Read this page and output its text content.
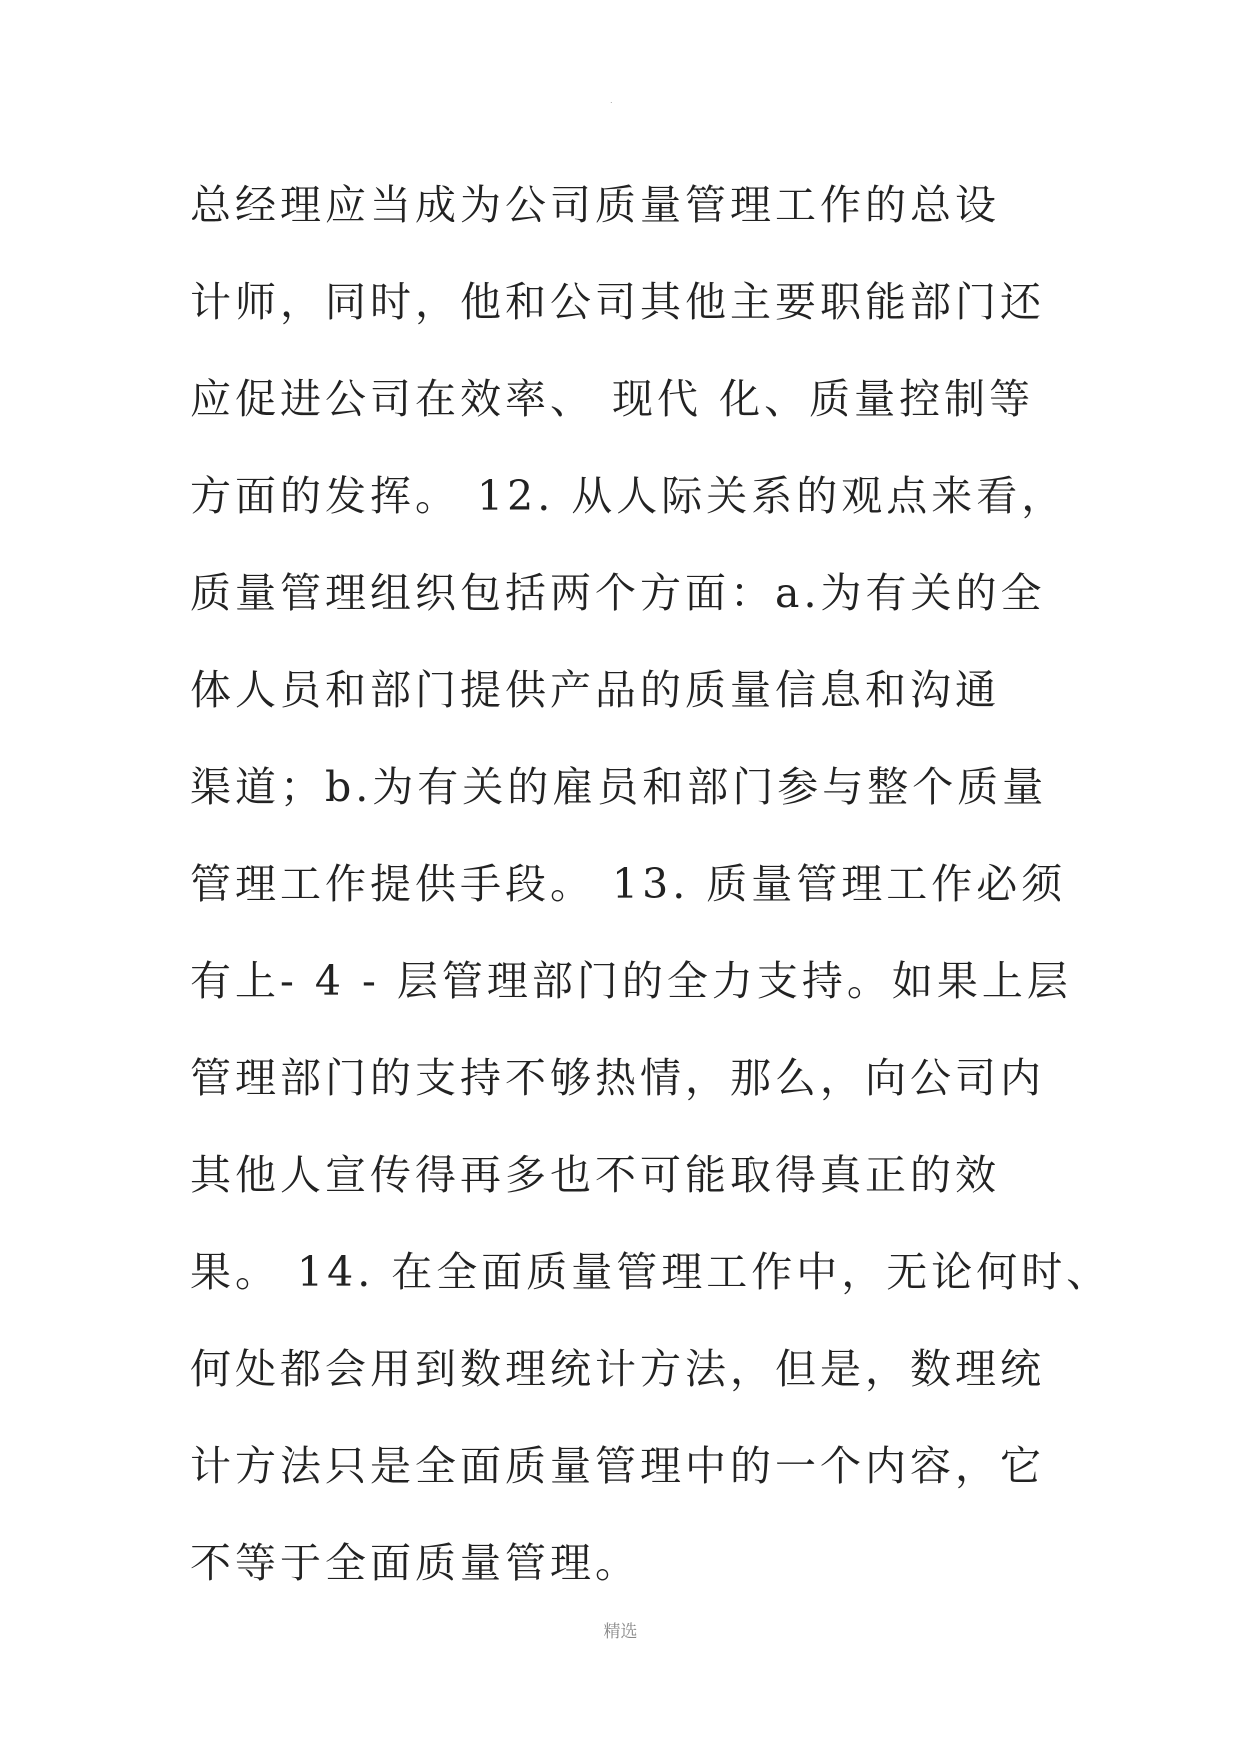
.
总经理应当成为公司质量管理工作的总设
计师，同时，他和公司其他主要职能部门还
应促进公司在效率、 现代 化、质量控制等
方面的发挥。 12. 从人际关系的观点来看，
质量管理组织包括两个方面：a.为有关的全
体人员和部门提供产品的质量信息和沟通
渠道；b.为有关的雇员和部门参与整个质量
管理工作提供手段。 13. 质量管理工作必须
有上- 4 - 层管理部门的全力支持。如果上层
管理部门的支持不够热情，那么，向公司内
其他人宣传得再多也不可能取得真正的效
果。 14. 在全面质量管理工作中，无论何时、
何处都会用到数理统计方法，但是，数理统
计方法只是全面质量管理中的一个内容，它
不等于全面质量管理。
精选
